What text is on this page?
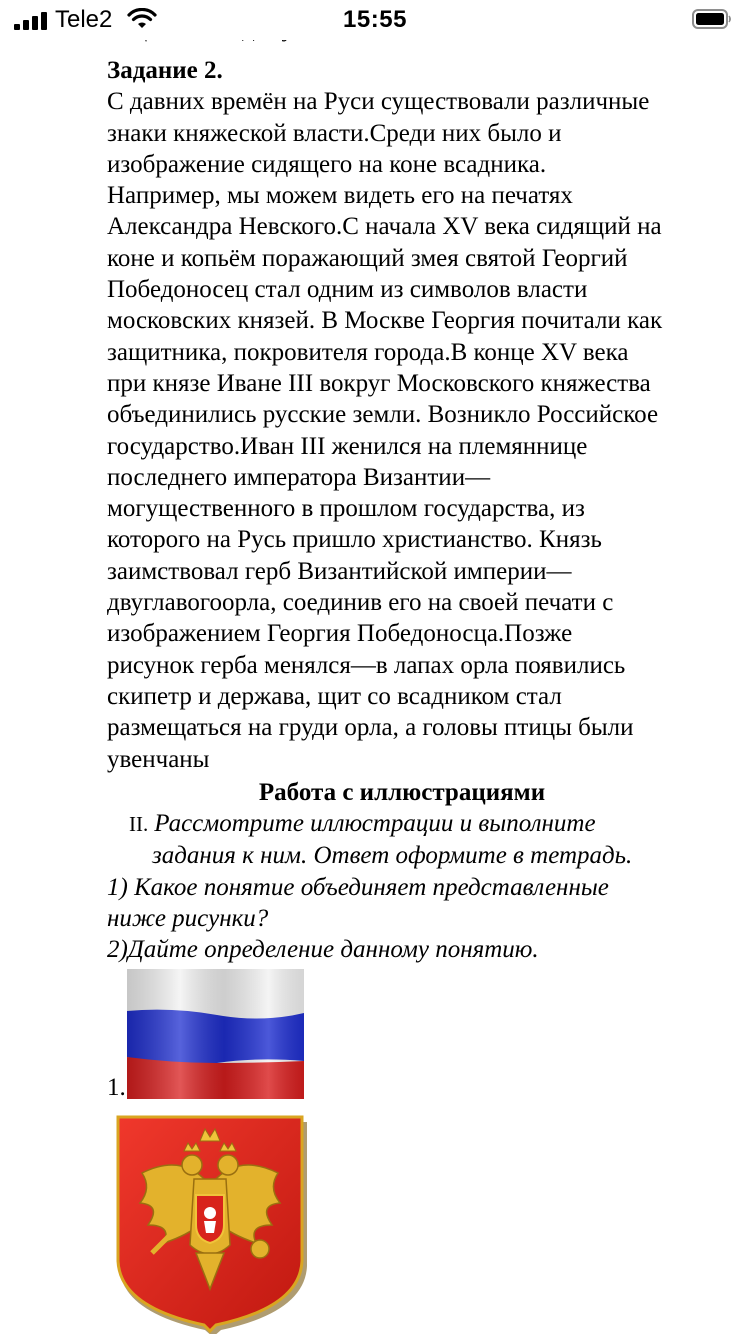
Tele2	15:55
Задание 2.
С давних времён на Руси существовали различные
знаки княжеской власти.Среди них было и
изображение сидящего на коне всадника.
Например, мы можем видеть его на печатях
Александра Невского.С начала XV века сидящий на
коне и копьём поражающий змея святой Георгий
Победоносец стал одним из символов власти
московских князей. В Москве Георгия почитали как
защитника, покровителя города.В конце XV века
при князе Иване III вокруг Московского княжества
объединились русские земли. Возникло Российское
государство.Иван III женился на племяннице
последнего императора Византии—
могущественного в прошлом государства, из
которого на Русь пришло христианство. Князь
заимствовал герб Византийской империи—
двуглавогоорла, соединив его на своей печати с
изображением Георгия Победоносца.Позже
рисунок герба менялся—в лапах орла появились
скипетр и держава, щит со всадником стал
размещаться на груди орла, а головы птицы были
увенчаны
Работа с иллюстрациями
II. Рассмотрите иллюстрации и выполните
задания к ним. Ответ оформите в тетрадь.
1) Какое понятие объединяет представленные
ниже рисунки?
2)Дайте определение данному понятию.
1.
